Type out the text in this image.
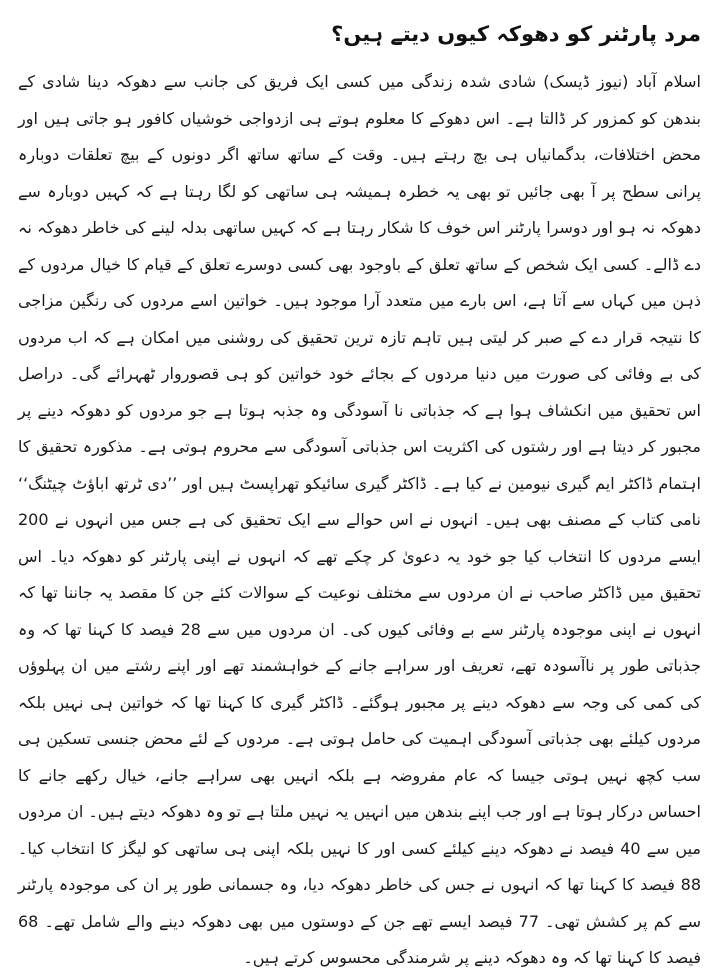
مرد پارٹنر کو دھوکہ کیوں دیتے ہیں؟

اسلام آباد (نیوز ڈیسک) شادی شدہ زندگی میں کسی ایک فریق کی جانب سے دھوکہ دینا شادی کے بندھن کو کمزور کر ڈالتا ہے۔ اس دھوکے کا معلوم ہوتے ہی ازدواجی خوشیاں کافور ہو جاتی ہیں اور محض اختلافات، بدگمانیاں ہی بچ رہتے ہیں۔ وقت کے ساتھ ساتھ اگر دونوں کے بیچ تعلقات دوبارہ پرانی سطح پر آ بھی جائیں تو بھی یہ خطرہ ہمیشہ ہی ساتھی کو لگا رہتا ہے کہ کہیں دوبارہ سے دھوکہ نہ ہو اور دوسرا پارٹنر اس خوف کا شکار رہتا ہے کہ کہیں ساتھی بدلہ لینے کی خاطر دھوکہ نہ دے ڈالے۔ کسی ایک شخص کے ساتھ تعلق کے باوجود بھی کسی دوسرے تعلق کے قیام کا خیال مردوں کے ذہن میں کہاں سے آتا ہے، اس بارے میں متعدد آرا موجود ہیں۔ خواتین اسے مردوں کی رنگین مزاجی کا نتیجہ قرار دے کے صبر کر لیتی ہیں تاہم تازہ ترین تحقیق کی روشنی میں امکان ہے کہ اب مردوں کی بے وفائی کی صورت میں دنیا مردوں کے بجائے خود خواتین کو ہی قصوروار ٹھہرائے گی۔ دراصل اس تحقیق میں انکشاف ہوا ہے کہ جذباتی نا آسودگی وہ جذبہ ہوتا ہے جو مردوں کو دھوکہ دینے پر مجبور کر دیتا ہے اور رشتوں کی اکثریت اس جذباتی آسودگی سے محروم ہوتی ہے۔ مذکورہ تحقیق کا اہتمام ڈاکٹر ایم گیری نیومین نے کیا ہے۔ ڈاکٹر گیری سائیکو تھراپسٹ ہیں اور ’’دی ٹرتھ اباؤٹ چیٹنگ‘‘ نامی کتاب کے مصنف بھی ہیں۔ انہوں نے اس حوالے سے ایک تحقیق کی ہے جس میں انہوں نے 200 ایسے مردوں کا انتخاب کیا جو خود یہ دعویٰ کر چکے تھے کہ انہوں نے اپنی پارٹنر کو دھوکہ دیا۔ اس تحقیق میں ڈاکٹر صاحب نے ان مردوں سے مختلف نوعیت کے سوالات کئے جن کا مقصد یہ جاننا تھا کہ انہوں نے اپنی موجودہ پارٹنر سے بے وفائی کیوں کی۔ ان مردوں میں سے 28 فیصد کا کہنا تھا کہ وہ جذباتی طور پر ناآسودہ تھے، تعریف اور سراہے جانے کے خواہشمند تھے اور اپنے رشتے میں ان پہلوؤں کی کمی کی وجہ سے دھوکہ دینے پر مجبور ہوگئے۔ ڈاکٹر گیری کا کہنا تھا کہ خواتین ہی نہیں بلکہ مردوں کیلئے بھی جذباتی آسودگی اہمیت کی حامل ہوتی ہے۔ مردوں کے لئے محض جنسی تسکین ہی سب کچھ نہیں ہوتی جیسا کہ عام مفروضہ ہے بلکہ انہیں بھی سراہے جانے، خیال رکھے جانے کا احساس درکار ہوتا ہے اور جب اپنے بندھن میں انہیں یہ نہیں ملتا ہے تو وہ دھوکہ دیتے ہیں۔ ان مردوں میں سے 40 فیصد نے دھوکہ دینے کیلئے کسی اور کا نہیں بلکہ اپنی ہی ساتھی کو لیگز کا انتخاب کیا۔ 88 فیصد کا کہنا تھا کہ انہوں نے جس کی خاطر دھوکہ دیا، وہ جسمانی طور پر ان کی موجودہ پارٹنر سے کم پر کشش تھی۔ 77 فیصد ایسے تھے جن کے دوستوں میں بھی دھوکہ دینے والے شامل تھے۔ 68 فیصد کا کہنا تھا کہ وہ دھوکہ دینے پر شرمندگی محسوس کرتے ہیں۔
